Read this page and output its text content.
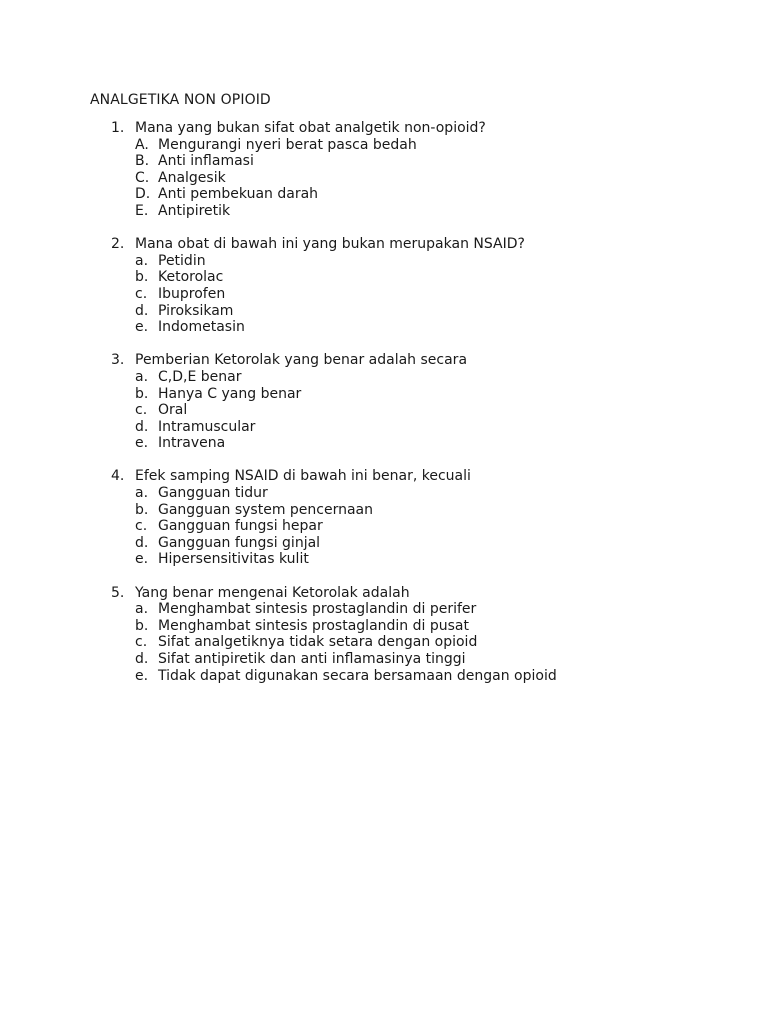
ANALGETIKA NON OPIOID
1. Mana yang bukan sifat obat analgetik non-opioid?
A. Mengurangi nyeri berat pasca bedah
B. Anti inflamasi
C. Analgesik
D. Anti pembekuan darah
E. Antipiretik
2. Mana obat di bawah ini yang bukan merupakan NSAID?
a. Petidin
b. Ketorolac
c. Ibuprofen
d. Piroksikam
e. Indometasin
3. Pemberian Ketorolak yang benar adalah secara
a. C,D,E benar
b. Hanya C yang benar
c. Oral
d. Intramuscular
e. Intravena
4. Efek samping NSAID di bawah ini benar, kecuali
a. Gangguan tidur
b. Gangguan system pencernaan
c. Gangguan fungsi hepar
d. Gangguan fungsi ginjal
e. Hipersensitivitas kulit
5. Yang benar mengenai Ketorolak adalah
a. Menghambat sintesis prostaglandin di perifer
b. Menghambat sintesis prostaglandin di pusat
c. Sifat analgetiknya tidak setara dengan opioid
d. Sifat antipiretik dan anti inflamasinya tinggi
e. Tidak dapat digunakan secara bersamaan dengan opioid
